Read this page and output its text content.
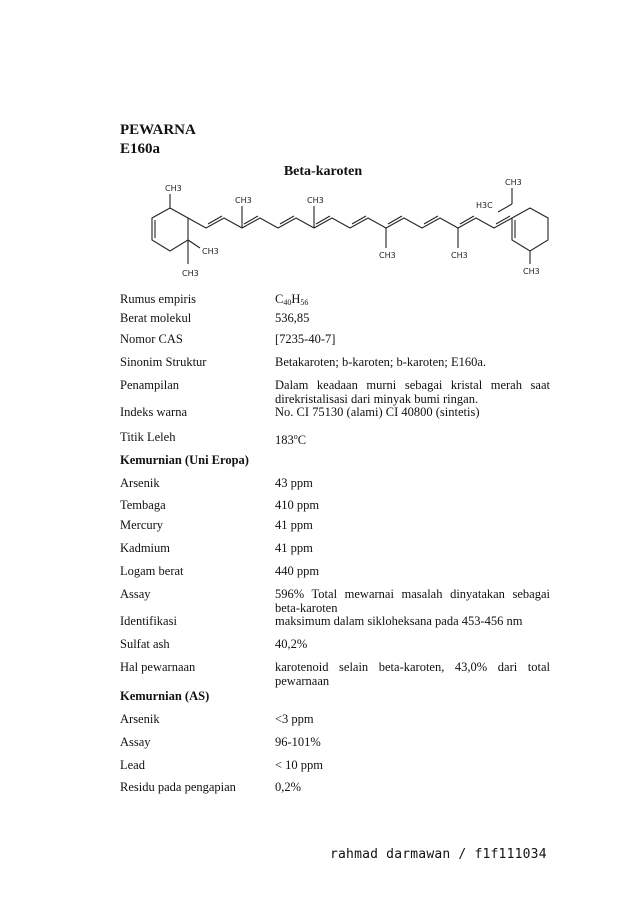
PEWARNA
E160a
Beta-karoten
CH3
CH3
CH3
CH3
H3C
CH3
CH3	CH3
CH3
CH3
Rumus empiris	$C_{40}H_{56}$
Berat molekul	536,85
Nomor CAS	[7235-40-7]
Sinonim Struktur	Betakaroten; b-karoten; b-karoten; E160a.
Penampilan	Dalam keadaan murni sebagai kristal merah saat direkristalisasi dari minyak bumi ringan.
Indeks warna	No. CI 75130 (alami) CI 40800 (sintetis)
Titik Leleh	183$^o$C
Kemurnian (Uni Eropa)
Arsenik	43 ppm
Tembaga	410 ppm
Mercury	41 ppm
Kadmium	41 ppm
Logam berat	440 ppm
Assay	596% Total mewarnai masalah dinyatakan sebagai beta-karoten
Identifikasi	maksimum dalam sikloheksana pada 453-456 nm
Sulfat ash	40,2%
Hal pewarnaan	karotenoid selain beta-karoten, 43,0% dari total pewarnaan
Kemurnian (AS)
Arsenik	<3 ppm
Assay	96-101%
Lead	< 10 ppm
Residu pada pengapian	0,2%
rahmad darmawan / f1f111034
